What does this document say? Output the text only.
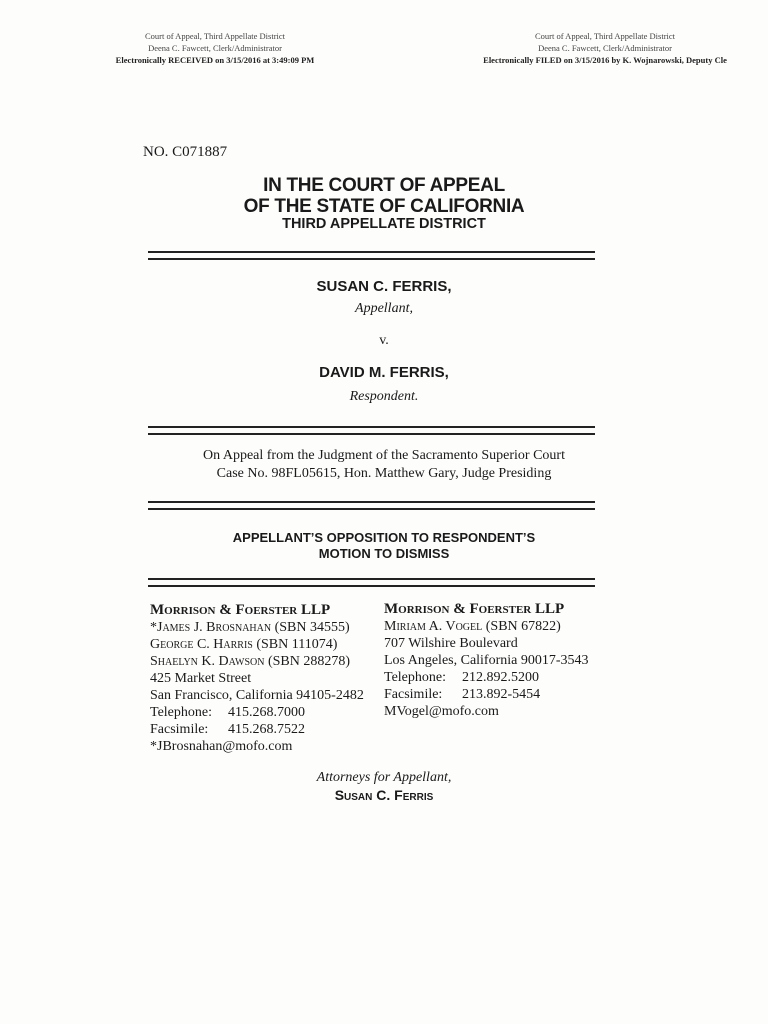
Court of Appeal, Third Appellate District
Deena C. Fawcett, Clerk/Administrator
Electronically RECEIVED on 3/15/2016 at 3:49:09 PM
Court of Appeal, Third Appellate District
Deena C. Fawcett, Clerk/Administrator
Electronically FILED on 3/15/2016 by K. Wojnarowski, Deputy Cle
NO. C071887
IN THE COURT OF APPEAL
OF THE STATE OF CALIFORNIA
THIRD APPELLATE DISTRICT
SUSAN C. FERRIS,
Appellant,
v.
DAVID M. FERRIS,
Respondent.
On Appeal from the Judgment of the Sacramento Superior Court
Case No. 98FL05615, Hon. Matthew Gary, Judge Presiding
APPELLANT’S OPPOSITION TO RESPONDENT’S
MOTION TO DISMISS
Morrison & Foerster LLP
*James J. Brosnahan (SBN 34555)
George C. Harris (SBN 111074)
Shaelyn K. Dawson (SBN 288278)
425 Market Street
San Francisco, California 94105-2482
Telephone:	415.268.7000
Facsimile:	415.268.7522
*JBrosnahan@mofo.com
Morrison & Foerster LLP
Miriam A. Vogel (SBN 67822)
707 Wilshire Boulevard
Los Angeles, California 90017-3543
Telephone:	212.892.5200
Facsimile:	213.892-5454
MVogel@mofo.com
Attorneys for Appellant,
Susan C. Ferris
